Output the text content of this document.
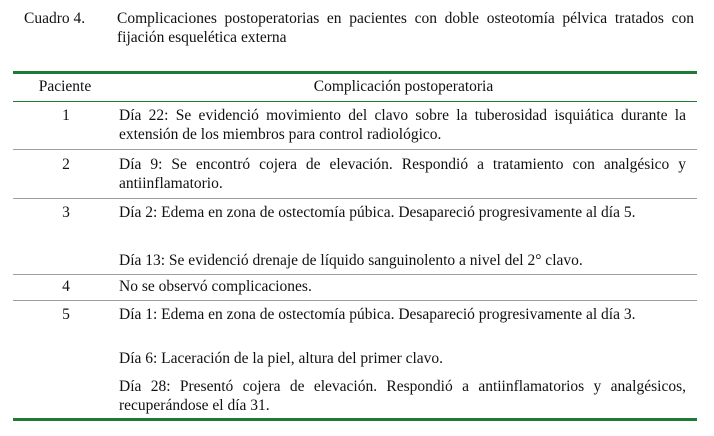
Cuadro 4. Complicaciones postoperatorias en pacientes con doble osteotomía pélvica tratados con fijación esquelética externa
Paciente	Complicación postoperatoria
1	Día 22: Se evidenció movimiento del clavo sobre la tuberosidad isquiática durante la extensión de los miembros para control radiológico.
2	Día 9: Se encontró cojera de elevación. Respondió a tratamiento con analgésico y antiinflamatorio.
3	Día 2: Edema en zona de ostectomía púbica. Desapareció progresivamente al día 5.
Día 13: Se evidenció drenaje de líquido sanguinolento a nivel del 2° clavo.
4	No se observó complicaciones.
5	Día 1: Edema en zona de ostectomía púbica. Desapareció progresivamente al día 3.
Día 6: Laceración de la piel, altura del primer clavo.
Día 28: Presentó cojera de elevación. Respondió a antiinflamatorios y analgésicos, recuperándose el día 31.
